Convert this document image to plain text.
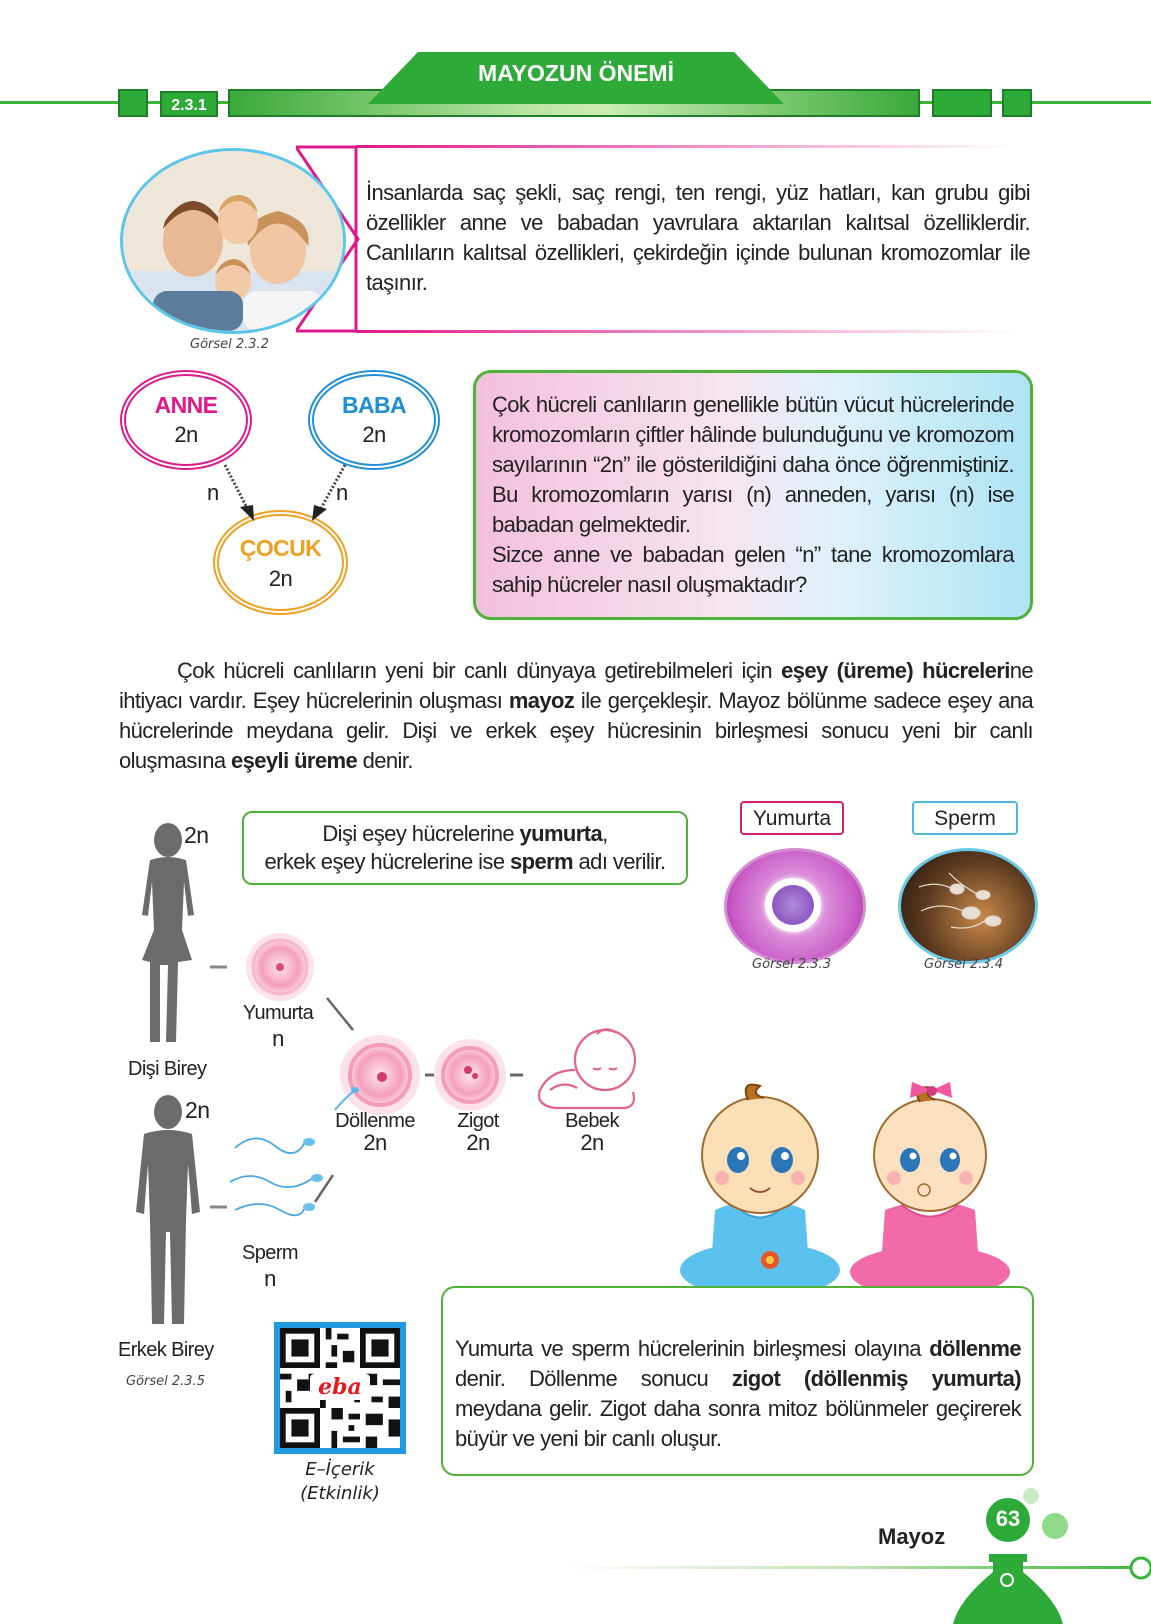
2.3.1
MAYOZUN ÖNEMİ
Görsel 2.3.2
İnsanlarda saç şekli, saç rengi, ten rengi, yüz hatları, kan grubu gibi özellikler anne ve babadan yavrulara aktarılan kalıtsal özelliklerdir. Canlıların kalıtsal özellikleri, çekirdeğin içinde bulunan kromozomlar ile taşınır.
ANNE
2n
BABA
2n
ÇOCUK
2n
n	n
Çok hücreli canlıların genellikle bütün vücut hücrelerinde kromozomların çiftler hâlinde bulunduğunu ve kromozom sayılarının “2n” ile gösterildiğini daha önce öğrenmiştiniz. Bu kromozomların yarısı (n) anneden, yarısı (n) ise babadan gelmektedir.
Sizce anne ve babadan gelen “n” tane kromozomlara sahip hücreler nasıl oluşmaktadır?
Çok hücreli canlıların yeni bir canlı dünyaya getirebilmeleri için eşey (üreme) hücrelerine ihtiyacı vardır. Eşey hücrelerinin oluşması mayoz ile gerçekleşir. Mayoz bölünme sadece eşey ana hücrelerinde meydana gelir. Dişi ve erkek eşey hücresinin birleşmesi sonucu yeni bir canlı oluşmasına eşeyli üreme denir.
Dişi eşey hücrelerine yumurta,
erkek eşey hücrelerine ise sperm adı verilir.
Yumurta
Görsel 2.3.3
Sperm
Görsel 2.3.4
2n
Dişi Birey
2n
Erkek Birey
Görsel 2.3.5
Yumurta
n
Döllenme
2n
Zigot
2n
Bebek
2n
Sperm
n
Yumurta ve sperm hücrelerinin birleşmesi olayına döllenme denir. Döllenme sonucu zigot (döllenmiş yumurta) meydana gelir. Zigot daha sonra mitoz bölünmeler geçirerek büyür ve yeni bir canlı oluşur.
eba
E–İçerik
(Etkinlik)
Mayoz
63
